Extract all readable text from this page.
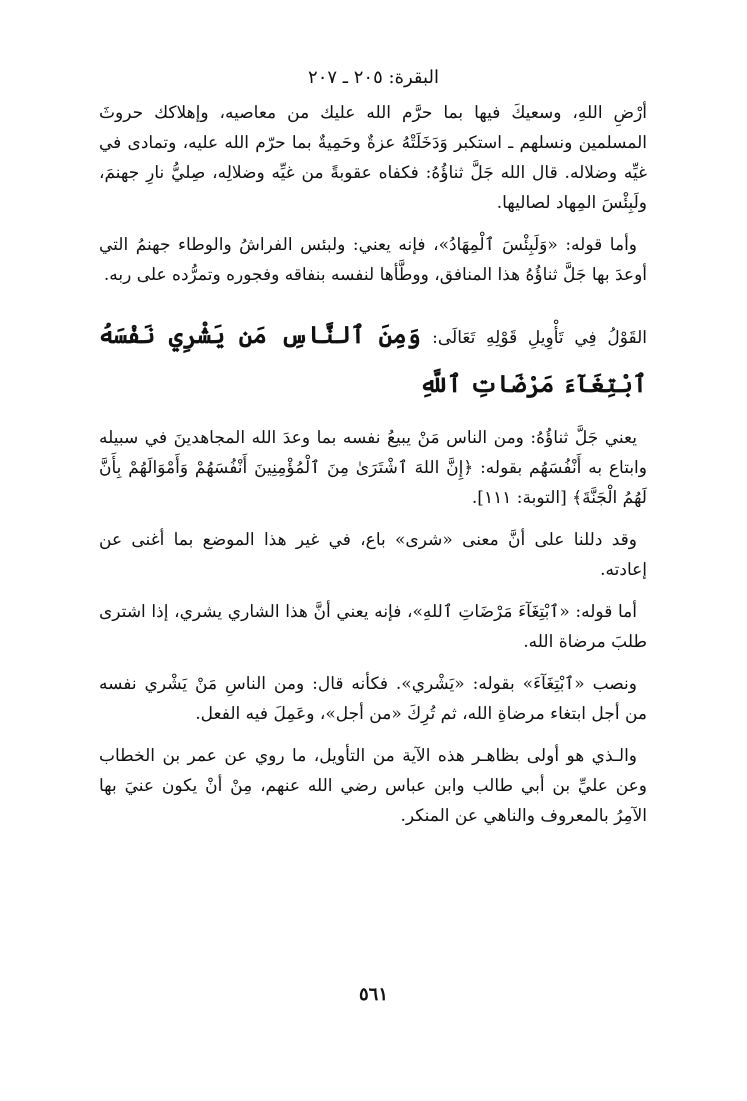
البقرة: ٢٠٥ ـ ٢٠٧

أرْضِ اللهِ، وسعيكَ فيها بما حرَّم الله عليك من معاصيه، وإهلاكك حروثَ المسلمين ونسلهم ـ استكبر وَدَخَلَتْهُ عزةٌ وحَمِيةٌ بما حرّم الله عليه، وتمادى في غيِّه وضلاله. قال الله جَلَّ ثناؤُهُ: فكفاه عقوبةً من غيِّه وضلالِه، صِليُّ نارِ جهنمَ، ولَبِئْسَ المِهاد لصاليها.

وأما قوله: «وَلَبِئْسَ ٱلْمِهَادُ»، فإنه يعني: ولبئس الفراشُ والوطاء جهنمُ التي أوعدَ بها جَلَّ ثناؤُهُ هذا المنافق، ووطَّأها لنفسه بنفاقه وفجوره وتمرُّده على ربه.

القَوْلُ فِي تَأْوِيلِ قَوْلِهِ تَعَالَى: وَمِنَ ٱلنَّاسِ مَن يَشْرِي نَفْسَهُ ٱبْتِغَآءَ مَرْضَاتِ ٱللَّهِ

يعني جَلَّ ثناؤُهُ: ومن الناس مَنْ يبيعُ نفسه بما وعدَ الله المجاهدينَ في سبيله وابتاع به أَنْفُسَهُم بقوله: ﴿إِنَّ اللهَ ٱشْتَرَىٰ مِنَ ٱلْمُؤْمِنِينَ أَنْفُسَهُمْ وَأَمْوَالَهُمْ بِأَنَّ لَهُمُ الْجَنَّةَ﴾ [التوبة: ١١١].

وقد دللنا على أنَّ معنى «شرى» باع، في غير هذا الموضع بما أغنى عن إعادته.

أما قوله: «ٱبْتِغَآءَ مَرْضَاتِ ٱللهِ»، فإنه يعني أنَّ هذا الشاري يشري، إذا اشترى طلبَ مرضاة الله.

ونصب «ٱبْتِغَآءَ» بقوله: «يَشْري». فكأنه قال: ومن الناسِ مَنْ يَشْري نفسه من أجل ابتغاء مرضاةِ الله، ثم تُرِكَ «من أجل»، وعَمِلَ فيه الفعل.

والـذي هو أولى بظاهـر هذه الآية من التأويل، ما روي عن عمر بن الخطاب وعن عليِّ بن أبي طالب وابن عباس رضي الله عنهم، مِنْ أنْ يكون عنيَ بها الآمِرُ بالمعروف والناهي عن المنكر.

٥٦١
